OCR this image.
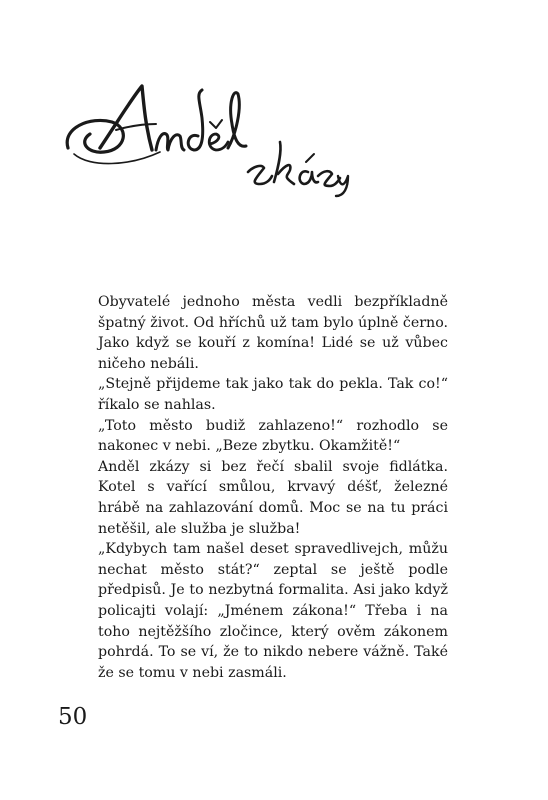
Obyvatelé jednoho města vedli bezpříkladně špatný život. Od hříchů už tam bylo úplně černo. Jako když se kouří z komína! Lidé se už vůbec ničeho nebáli.

„Stejně přijdeme tak jako tak do pekla. Tak co!“ říkalo se nahlas.

„Toto město budiž zahlazeno!“ rozhodlo se nakonec v nebi. „Beze zbytku. Okamžitě!“

Anděl zkázy si bez řečí sbalil svoje fidlátka. Kotel s vařící smůlou, krvavý déšť, železné hrábě na zahlazování domů. Moc se na tu práci netěšil, ale služba je služba!

„Kdybych tam našel deset spravedlivejch, můžu nechat město stát?“ zeptal se ještě podle předpisů. Je to nezbytná formalita. Asi jako když policajti volají: „Jménem zákona!“ Třeba i na toho nejtěžšího zločince, který ověm zákonem pohrdá. To se ví, že to nikdo nebere vážně. Také že se tomu v nebi zasmáli.

50
